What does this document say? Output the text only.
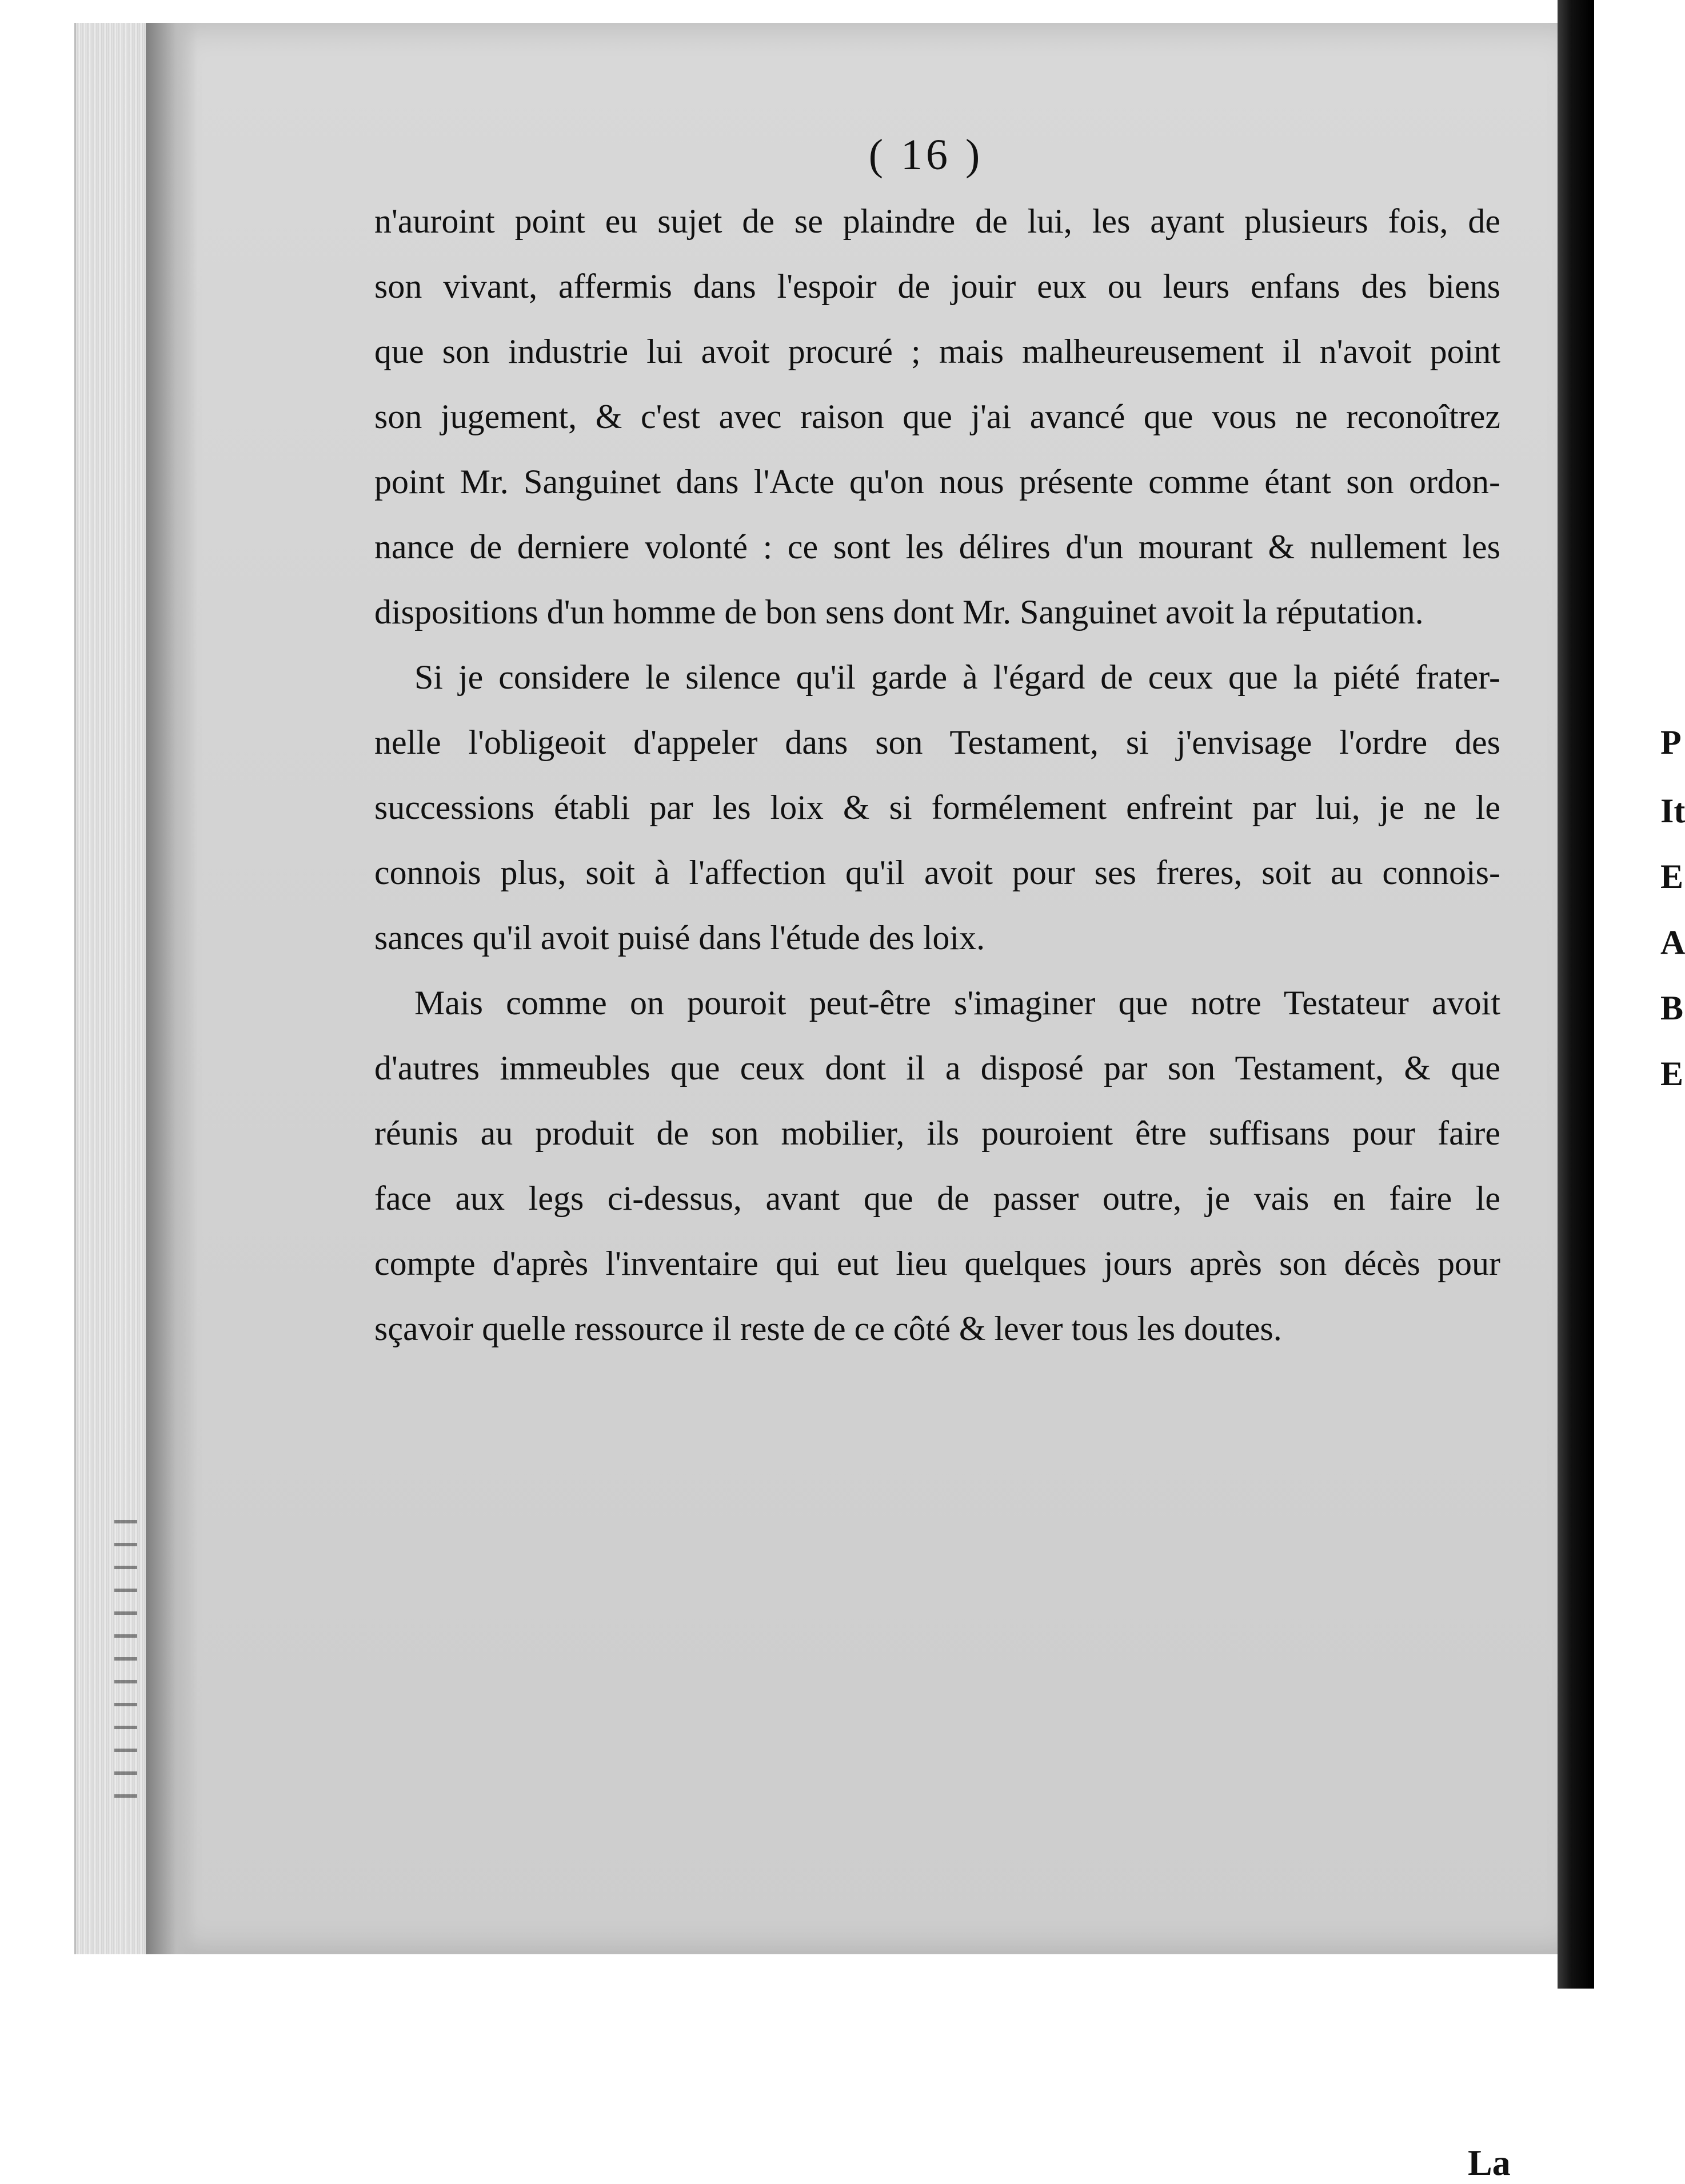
( 16 )
n'auroint point eu sujet de se plaindre de lui, les ayant plusieurs fois, de
son vivant, affermis dans l'espoir de jouir eux ou leurs enfans des biens
que son industrie lui avoit procuré ; mais malheureusement il n'avoit point
son jugement, & c'est avec raison que j'ai avancé que vous ne reconoîtrez
point Mr. Sanguinet dans l'Acte qu'on nous présente comme étant son ordon-
nance de derniere volonté : ce sont les délires d'un mourant & nullement les
dispositions d'un homme de bon sens dont Mr. Sanguinet avoit la réputation.
Si je considere le silence qu'il garde à l'égard de ceux que la piété frater-
nelle l'obligeoit d'appeler dans son Testament, si j'envisage l'ordre des
successions établi par les loix & si formélement enfreint par lui, je ne le
connois plus, soit à l'affection qu'il avoit pour ses freres, soit au connois-
sances qu'il avoit puisé dans l'étude des loix.
Mais comme on pouroit peut-être s'imaginer que notre Testateur avoit
d'autres immeubles que ceux dont il a disposé par son Testament, & que
réunis au produit de son mobilier, ils pouroient être suffisans pour faire
face aux legs ci-dessus, avant que de passer outre, je vais en faire le
compte d'après l'inventaire qui eut lieu quelques jours après son décès pour
sçavoir quelle ressource il reste de ce côté & lever tous les doutes.
La
P
It
E
A
B
E
